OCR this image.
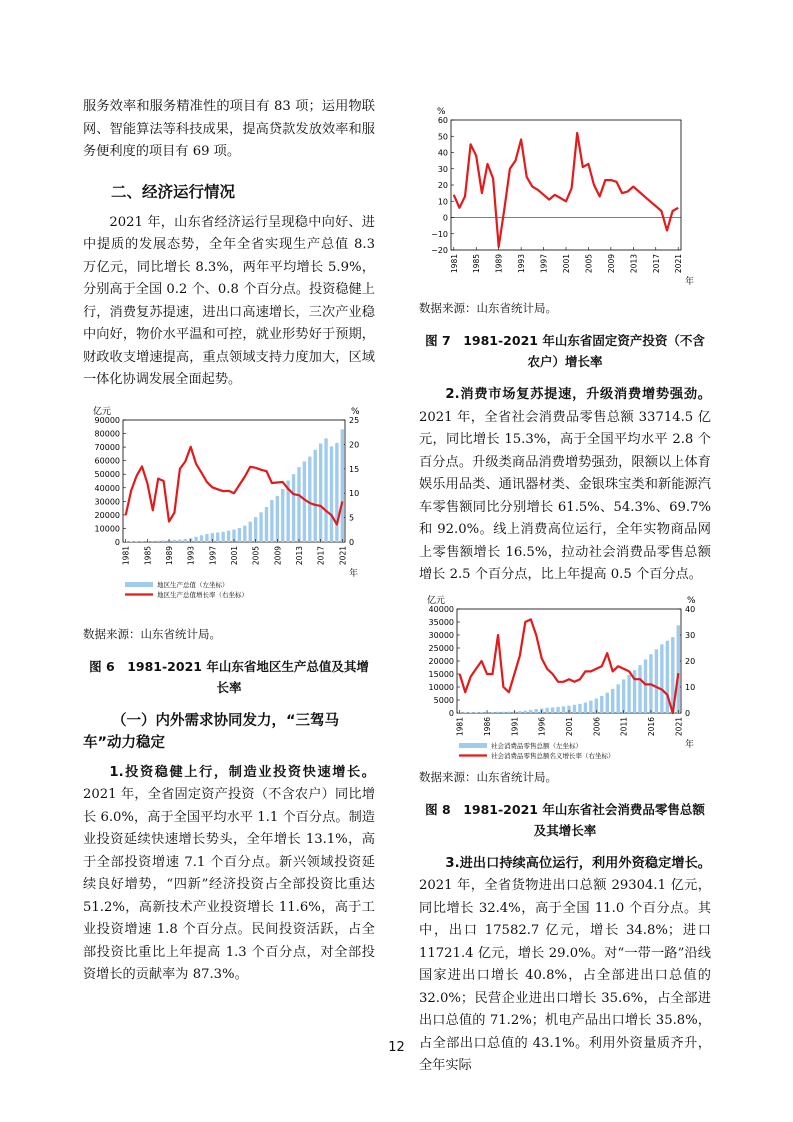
服务效率和服务精准性的项目有 83 项；运用物联网、智能算法等科技成果，提高贷款发放效率和服务便利度的项目有 69 项。

二、经济运行情况

2021 年，山东省经济运行呈现稳中向好、进中提质的发展态势，全年全省实现生产总值 8.3 万亿元，同比增长 8.3%，两年平均增长 5.9%，分别高于全国 0.2 个、0.8 个百分点。投资稳健上行，消费复苏提速，进出口高速增长，三次产业稳中向好，物价水平温和可控，就业形势好于预期，财政收支增速提高，重点领域支持力度加大，区域一体化协调发展全面起势。

亿元	%
年
0
10000
20000
30000
40000
50000
60000
70000
80000
90000
0
5
10
15
20
25
1981 1985 1989 1993 1997 2001 2005 2009 2013 2017 2021
地区生产总值（左坐标）
地区生产总值增长率（右坐标）

数据来源：山东省统计局。

图 6　1981-2021 年山东省地区生产总值及其增长率
（一）内外需求协同发力，“三驾马车”动力稳定

1.投资稳健上行，制造业投资快速增长。2021 年，全省固定资产投资（不含农户）同比增长 6.0%，高于全国平均水平 1.1 个百分点。制造业投资延续快速增长势头，全年增长 13.1%，高于全部投资增速 7.1 个百分点。新兴领域投资延续良好增势，“四新”经济投资占全部投资比重达 51.2%，高新技术产业投资增长 11.6%，高于工业投资增速 1.8 个百分点。民间投资活跃，占全部投资比重比上年提高 1.3 个百分点，对全部投资增长的贡献率为 87.3%。

%
年
−20
−10
0
10
20
30
40
50
60
1981 1985 1989 1993 1997 2001 2005 2009 2013 2017 2021

数据来源：山东省统计局。

图 7　1981-2021 年山东省固定资产投资（不含农户）增长率

2.消费市场复苏提速，升级消费增势强劲。2021 年，全省社会消费品零售总额 33714.5 亿元，同比增长 15.3%，高于全国平均水平 2.8 个百分点。升级类商品消费增势强劲，限额以上体育娱乐用品类、通讯器材类、金银珠宝类和新能源汽车零售额同比分别增长 61.5%、54.3%、69.7%和 92.0%。线上消费高位运行，全年实物商品网上零售额增长 16.5%，拉动社会消费品零售总额增长 2.5 个百分点，比上年提高 0.5 个百分点。

亿元	%
年
0
5000
10000
15000
20000
25000
30000
35000
40000
0
10
20
30
40
1981 1986 1991 1996 2001 2006 2011 2016 2021
社会消费品零售总额（左坐标）
社会消费品零售总额名义增长率（右坐标）

数据来源：山东省统计局。

图 8　1981-2021 年山东省社会消费品零售总额及其增长率

3.进出口持续高位运行，利用外资稳定增长。2021 年，全省货物进出口总额 29304.1 亿元，同比增长 32.4%，高于全国 11.0 个百分点。其中，出口 17582.7 亿元，增长 34.8%；进口 11721.4 亿元，增长 29.0%。对“一带一路”沿线国家进出口增长 40.8%，占全部进出口总值的 32.0%；民营企业进出口增长 35.6%，占全部进出口总值的 71.2%；机电产品出口增长 35.8%，占全部出口总值的 43.1%。利用外资量质齐升，全年实际

12
